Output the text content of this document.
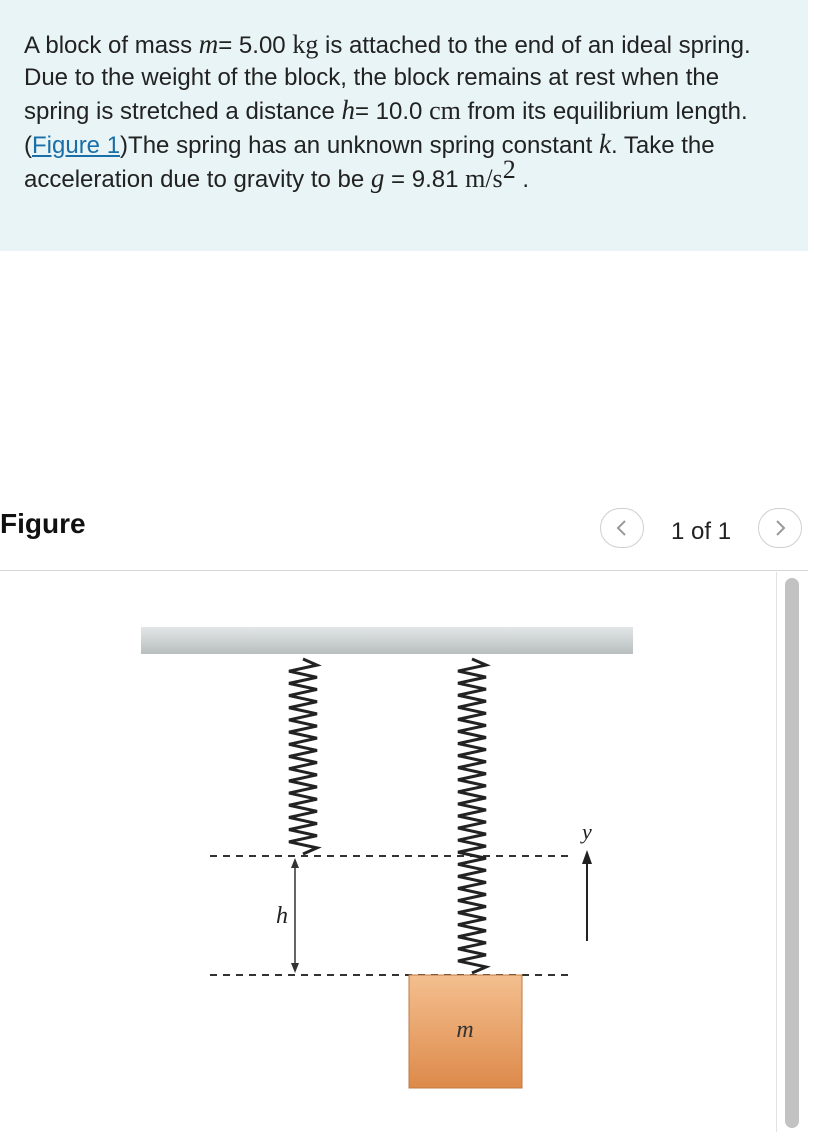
A block of mass m= 5.00 kg is attached to the end of an ideal spring. Due to the weight of the block, the block remains at rest when the spring is stretched a distance h= 10.0 cm from its equilibrium length. (Figure 1)The spring has an unknown spring constant k. Take the acceleration due to gravity to be g = 9.81 $m/s^2$ .
Figure	1 of 1
h
y
m
